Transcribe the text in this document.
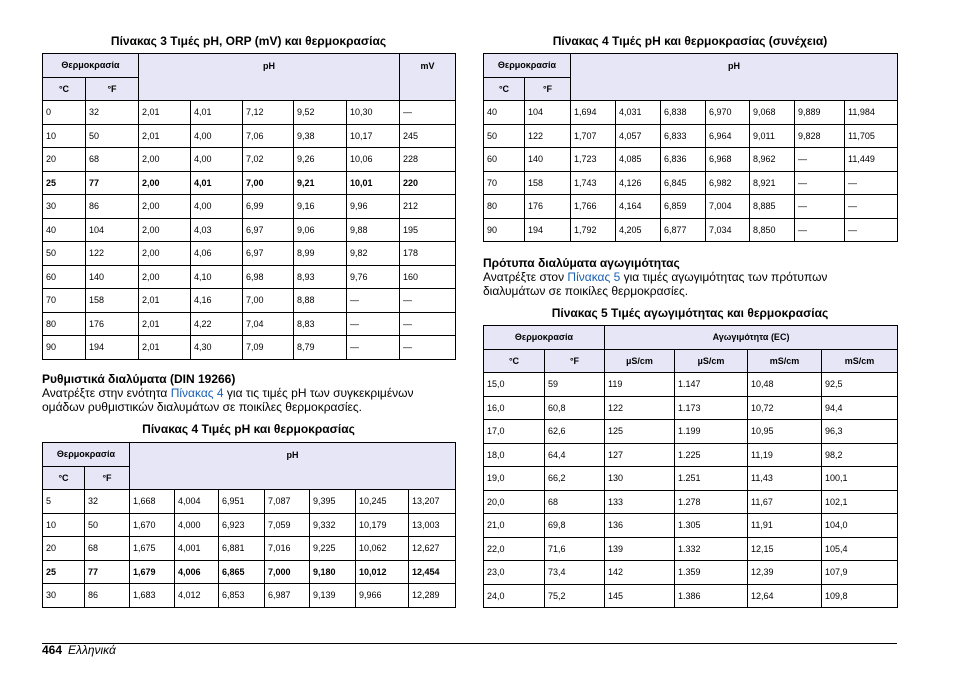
Πίνακας 3 Τιμές pH, ORP (mV) και θερμοκρασίας
Θερμοκρασία		pH					mV
°C	°F						
0	32	2,01	4,01	7,12	9,52	10,30	—
10	50	2,01	4,00	7,06	9,38	10,17	245
20	68	2,00	4,00	7,02	9,26	10,06	228
25	77	2,00	4,01	7,00	9,21	10,01	220
30	86	2,00	4,00	6,99	9,16	9,96	212
40	104	2,00	4,03	6,97	9,06	9,88	195
50	122	2,00	4,06	6,97	8,99	9,82	178
60	140	2,00	4,10	6,98	8,93	9,76	160
70	158	2,01	4,16	7,00	8,88	—	—
80	176	2,01	4,22	7,04	8,83	—	—
90	194	2,01	4,30	7,09	8,79	—	—
Ρυθμιστικά διαλύματα (DIN 19266)
Ανατρέξτε στην ενότητα Πίνακας 4 για τις τιμές pH των συγκεκριμένων ομάδων ρυθμιστικών διαλυμάτων σε ποικίλες θερμοκρασίες.
Πίνακας 4 Τιμές pH και θερμοκρασίας
Θερμοκρασία		pH						
°C	°F							
5	32	1,668	4,004	6,951	7,087	9,395	10,245	13,207
10	50	1,670	4,000	6,923	7,059	9,332	10,179	13,003
20	68	1,675	4,001	6,881	7,016	9,225	10,062	12,627
25	77	1,679	4,006	6,865	7,000	9,180	10,012	12,454
30	86	1,683	4,012	6,853	6,987	9,139	9,966	12,289
Πίνακας 4 Τιμές pH και θερμοκρασίας (συνέχεια)
Θερμοκρασία		pH						
°C	°F							
40	104	1,694	4,031	6,838	6,970	9,068	9,889	11,984
50	122	1,707	4,057	6,833	6,964	9,011	9,828	11,705
60	140	1,723	4,085	6,836	6,968	8,962	—	11,449
70	158	1,743	4,126	6,845	6,982	8,921	—	—
80	176	1,766	4,164	6,859	7,004	8,885	—	—
90	194	1,792	4,205	6,877	7,034	8,850	—	—
Πρότυπα διαλύματα αγωγιμότητας
Ανατρέξτε στον Πίνακας 5 για τιμές αγωγιμότητας των πρότυπων διαλυμάτων σε ποικίλες θερμοκρασίες.
Πίνακας 5 Τιμές αγωγιμότητας και θερμοκρασίας
Θερμοκρασία		Αγωγιμότητα (EC)			
°C	°F	µS/cm	µS/cm	mS/cm	mS/cm
15,0	59	119	1.147	10,48	92,5
16,0	60,8	122	1.173	10,72	94,4
17,0	62,6	125	1.199	10,95	96,3
18,0	64,4	127	1.225	11,19	98,2
19,0	66,2	130	1.251	11,43	100,1
20,0	68	133	1.278	11,67	102,1
21,0	69,8	136	1.305	11,91	104,0
22,0	71,6	139	1.332	12,15	105,4
23,0	73,4	142	1.359	12,39	107,9
24,0	75,2	145	1.386	12,64	109,8
464 Ελληνικά
